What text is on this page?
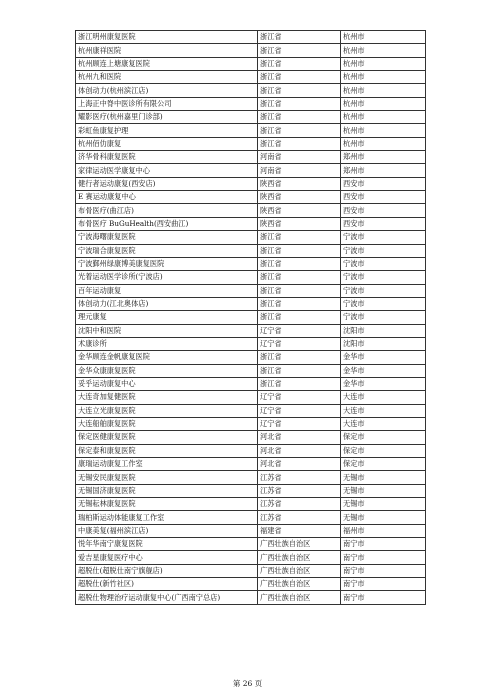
浙江明州康复医院	浙江省	杭州市
杭州康祥医院	浙江省	杭州市
杭州顾连上塘康复医院	浙江省	杭州市
杭州九和医院	浙江省	杭州市
体创动力(杭州滨江店)	浙江省	杭州市
上海正中脊中医诊所有限公司	浙江省	杭州市
耀影医疗(杭州嘉里门诊部)	浙江省	杭州市
彩虹鱼康复护理	浙江省	杭州市
杭州佰仂康复	浙江省	杭州市
济华骨科康复医院	河南省	郑州市
家律运动医学康复中心	河南省	郑州市
健行者运动康复(西安店)	陕西省	西安市
E 赛运动康复中心	陕西省	西安市
布骨医疗(曲江店)	陕西省	西安市
布骨医疗 BuGuHealth(西安曲江)	陕西省	西安市
宁波海曙康复医院	浙江省	宁波市
宁波瑞合康复医院	浙江省	宁波市
宁波鄞州绿康博美康复医院	浙江省	宁波市
光着运动医学诊所(宁波店)	浙江省	宁波市
百年运动康复	浙江省	宁波市
体创动力(江北奥体店)	浙江省	宁波市
理元康复	浙江省	宁波市
沈阳中和医院	辽宁省	沈阳市
术康诊所	辽宁省	沈阳市
金华顾连金帆康复医院	浙江省	金华市
金华众康康复医院	浙江省	金华市
妥乎运动康复中心	浙江省	金华市
大连奇加复健医院	辽宁省	大连市
大连立光康复医院	辽宁省	大连市
大连船舶康复医院	辽宁省	大连市
保定医健康复医院	河北省	保定市
保定泰和康复医院	河北省	保定市
康瑞运动康复工作室	河北省	保定市
无锡安民康复医院	江苏省	无锡市
无锡国济康复医院	江苏省	无锡市
无锡耘林康复医院	江苏省	无锡市
瑞柏斯运动体能康复工作室	江苏省	无锡市
中康美复(福州滨江店)	福建省	福州市
悦年华南宁康复医院	广西壮族自治区	南宁市
爱吉星康复医疗中心	广西壮族自治区	南宁市
超脱仕(超脱仕南宁旗舰店)	广西壮族自治区	南宁市
超脱仕(新竹社区)	广西壮族自治区	南宁市
超脱仕物理治疗运动康复中心(广西南宁总店)	广西壮族自治区	南宁市
第 26 页
